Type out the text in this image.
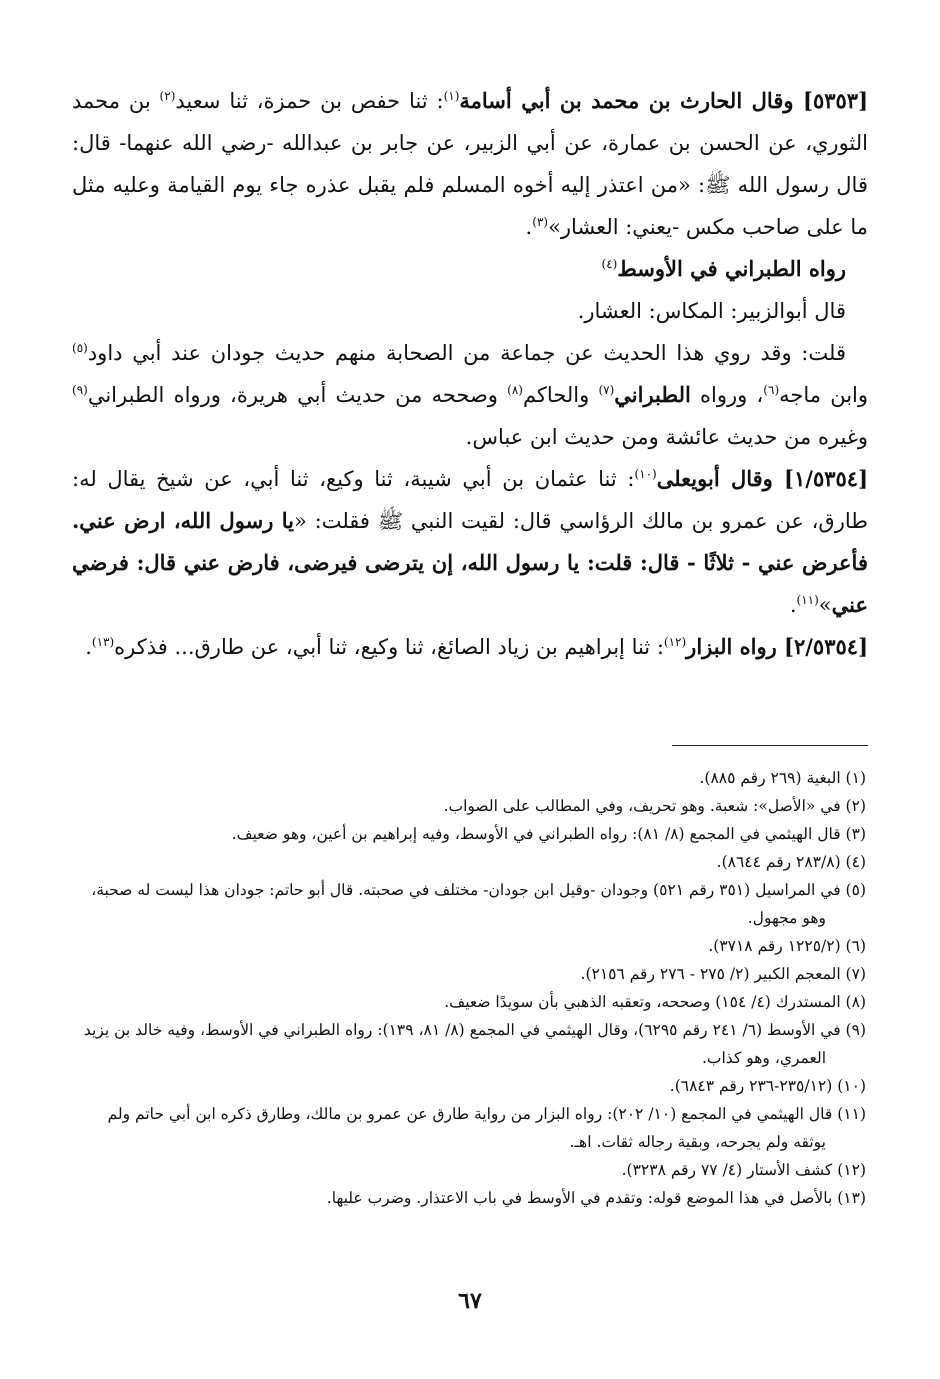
[٥٣٥٣] وقال الحارث بن محمد بن أبي أسامة$^{(١)}$: ثنا حفص بن حمزة، ثنا سعيد$^{(٢)}$ بن محمد الثوري، عن الحسن بن عمارة، عن أبي الزبير، عن جابر بن عبدالله -رضي الله عنهما- قال: قال رسول الله ﷺ: «من اعتذر إليه أخوه المسلم فلم يقبل عذره جاء يوم القيامة وعليه مثل ما على صاحب مكس -يعني: العشار»$^{(٣)}$.

رواه الطبراني في الأوسط$^{(٤)}$

قال أبوالزبير: المكاس: العشار.

قلت: وقد روي هذا الحديث عن جماعة من الصحابة منهم حديث جودان عند أبي داود$^{(٥)}$ وابن ماجه$^{(٦)}$، ورواه الطبراني$^{(٧)}$ والحاكم$^{(٨)}$ وصححه من حديث أبي هريرة، ورواه الطبراني$^{(٩)}$ وغيره من حديث عائشة ومن حديث ابن عباس.

[١/٥٣٥٤] وقال أبويعلى$^{(١٠)}$: ثنا عثمان بن أبي شيبة، ثنا وكيع، ثنا أبي، عن شيخ يقال له: طارق، عن عمرو بن مالك الرؤاسي قال: لقيت النبي ﷺ فقلت: «يا رسول الله، ارض عني. فأعرض عني - ثلاثًا - قال: قلت: يا رسول الله، إن يترضى فيرضى، فارض عني قال: فرضي عني»$^{(١١)}$.

[٢/٥٣٥٤] رواه البزار$^{(١٢)}$: ثنا إبراهيم بن زياد الصائغ، ثنا وكيع، ثنا أبي، عن طارق... فذكره$^{(١٣)}$.

(١) البغية (٢٦٩ رقم ٨٨٥).

(٢) في «الأصل»: شعبة. وهو تحريف، وفي المطالب على الصواب.

(٣) قال الهيثمي في المجمع (٨/ ٨١): رواه الطبراني في الأوسط، وفيه إبراهيم بن أعين، وهو ضعيف.

(٤) (٢٨٣/٨ رقم ٨٦٤٤).

(٥) في المراسيل (٣٥١ رقم ٥٢١) وجودان -وقيل ابن جودان- مختلف في صحبته. قال أبو حاتم: جودان هذا ليست له صحبة، وهو مجهول.

(٦) (١٢٢٥/٢ رقم ٣٧١٨).

(٧) المعجم الكبير (٢/ ٢٧٥ - ٢٧٦ رقم ٢١٥٦).

(٨) المستدرك (٤/ ١٥٤) وصححه، وتعقبه الذهبي بأن سويدًا ضعيف.

(٩) في الأوسط (٦/ ٢٤١ رقم ٦٢٩٥)، وقال الهيثمي في المجمع (٨/ ٨١، ١٣٩): رواه الطبراني في الأوسط، وفيه خالد بن يزيد العمري، وهو كذاب.

(١٠) (٢٣٥/١٢-٢٣٦ رقم ٦٨٤٣).

(١١) قال الهيثمي في المجمع (١٠/ ٢٠٢): رواه البزار من رواية طارق عن عمرو بن مالك، وطارق ذكره ابن أبي حاتم ولم يوثقه ولم يجرحه، وبقية رجاله ثقات. اهـ.

(١٢) كشف الأستار (٤/ ٧٧ رقم ٣٢٣٨).

(١٣) بالأصل في هذا الموضع قوله: وتقدم في الأوسط في باب الاعتذار. وضرب عليها.

٦٧
